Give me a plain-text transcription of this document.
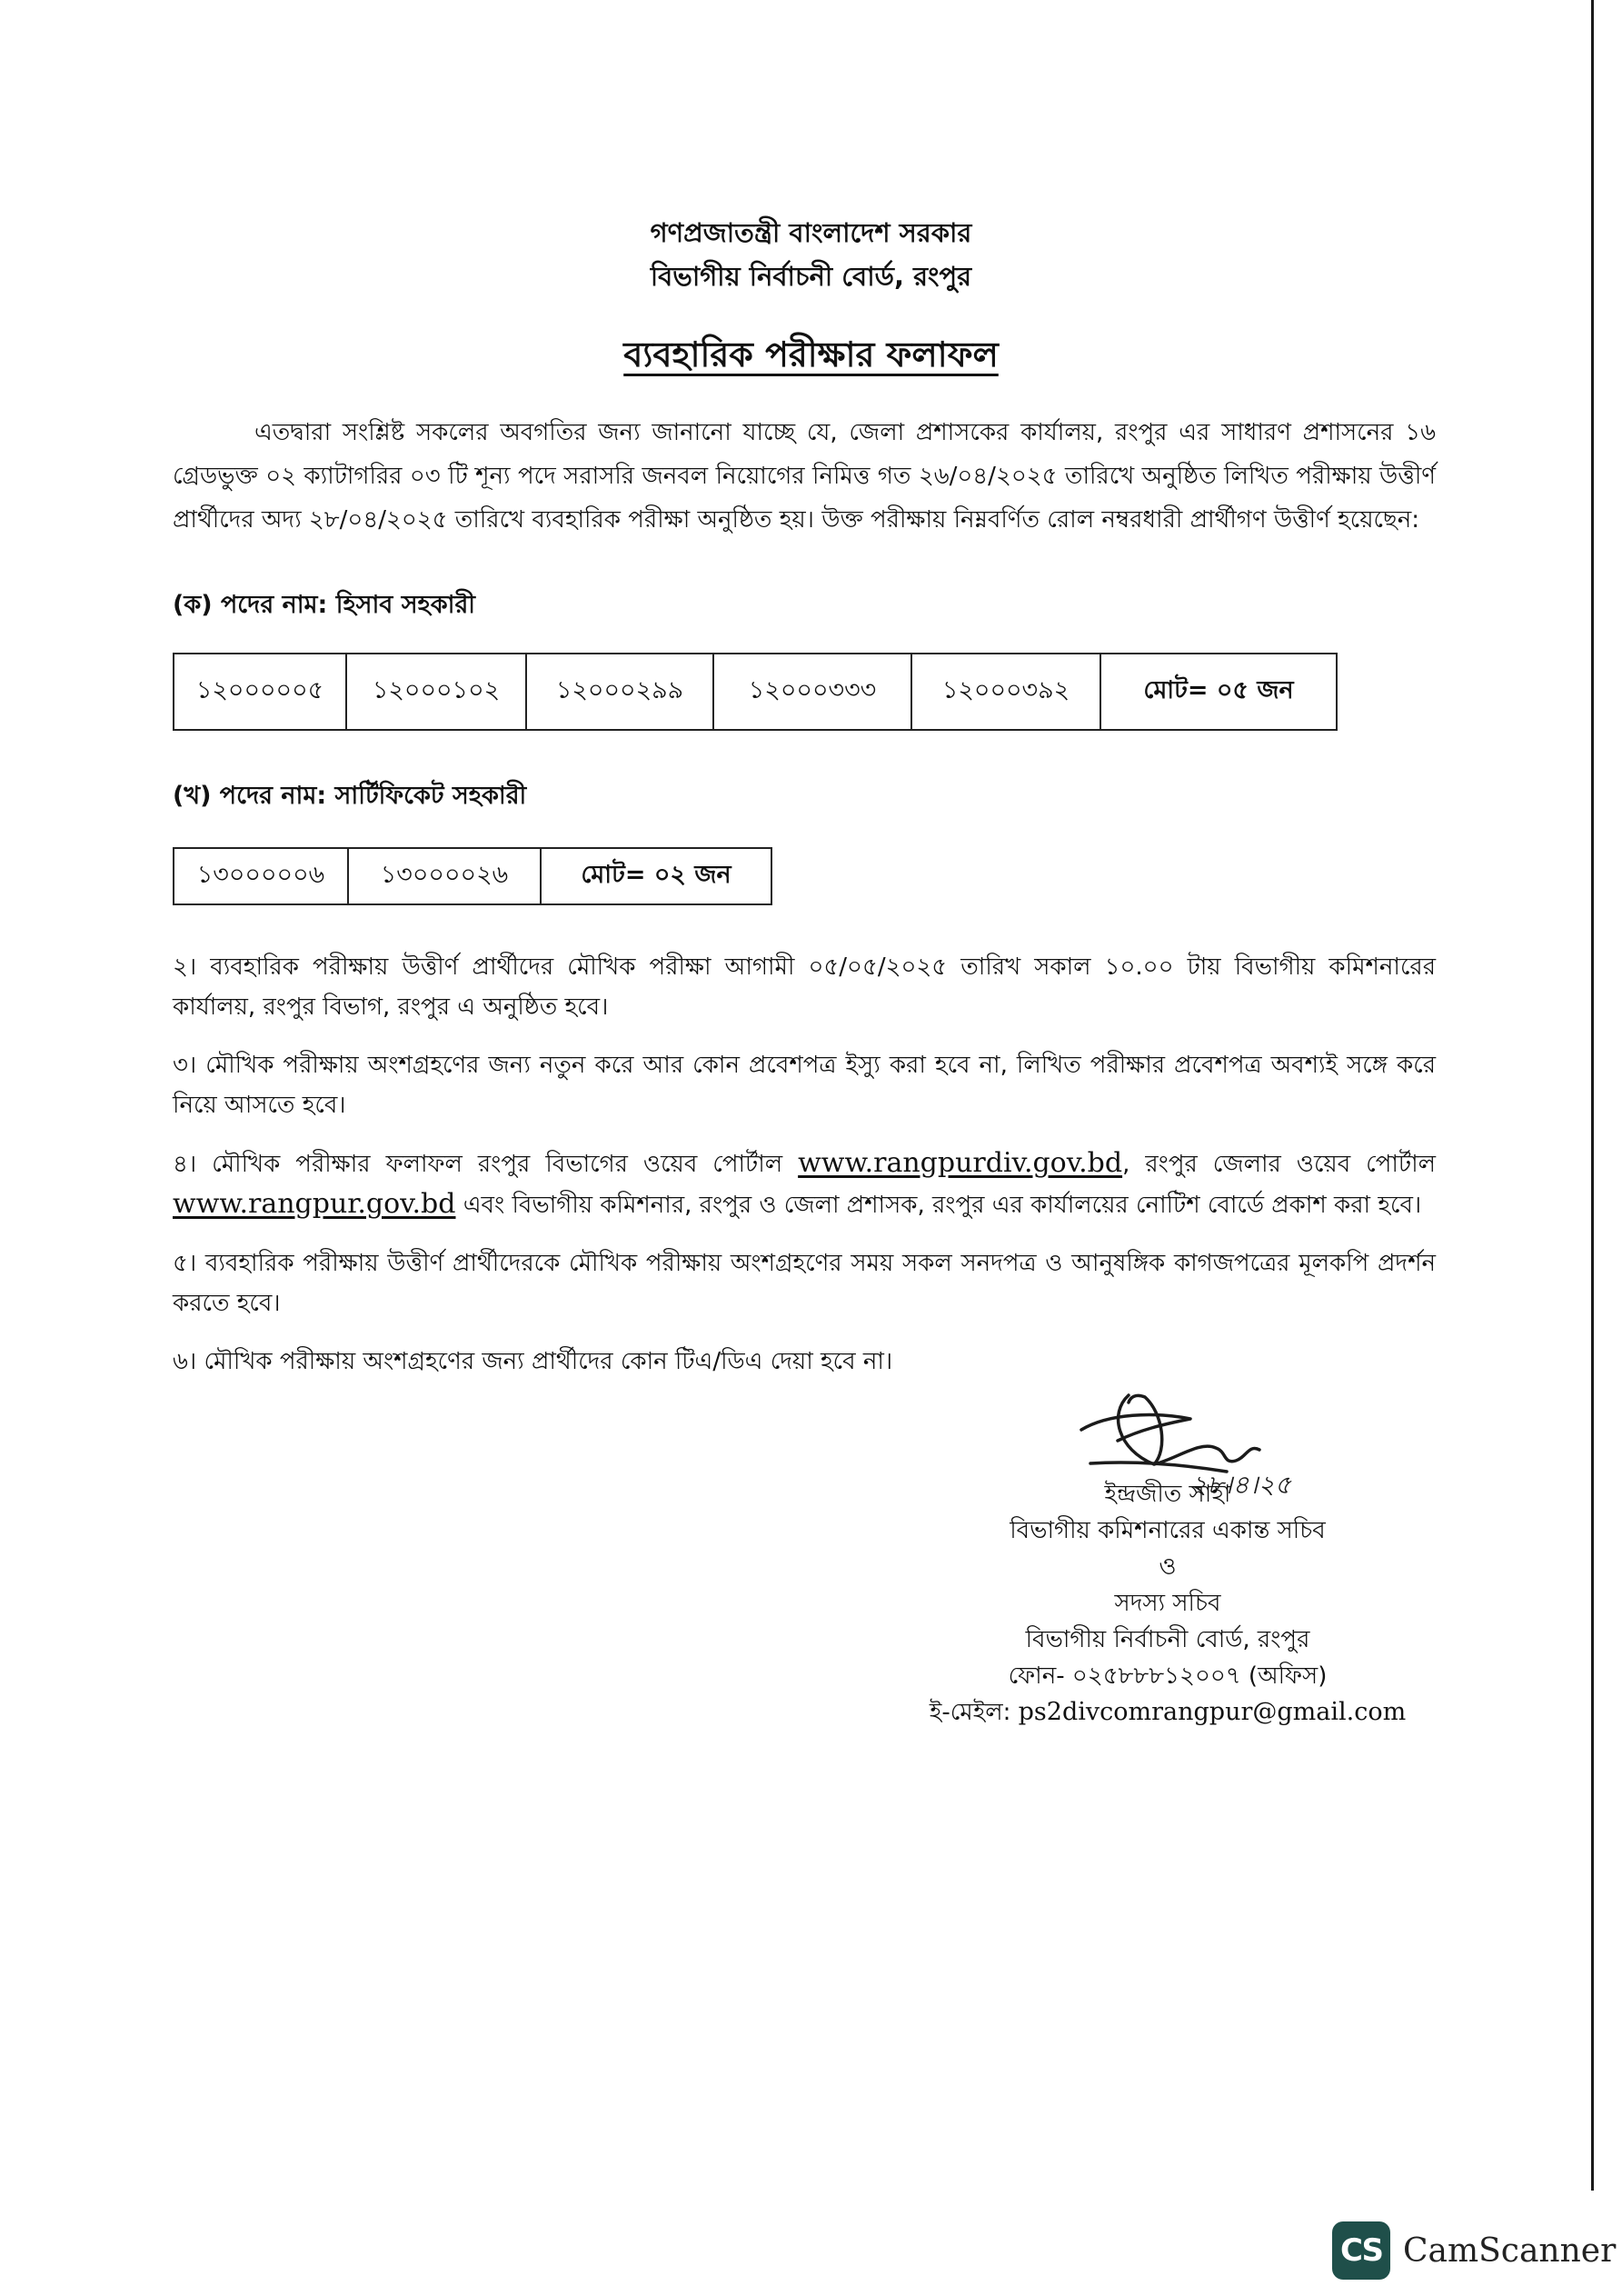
গণপ্রজাতন্ত্রী বাংলাদেশ সরকার
বিভাগীয় নির্বাচনী বোর্ড, রংপুর
ব্যবহারিক পরীক্ষার ফলাফল
এতদ্বারা সংশ্লিষ্ট সকলের অবগতির জন্য জানানো যাচ্ছে যে, জেলা প্রশাসকের কার্যালয়, রংপুর এর সাধারণ প্রশাসনের ১৬ গ্রেডভুক্ত ০২ ক্যাটাগরির ০৩ টি শূন্য পদে সরাসরি জনবল নিয়োগের নিমিত্ত গত ২৬/০৪/২০২৫ তারিখে অনুষ্ঠিত লিখিত পরীক্ষায় উত্তীর্ণ প্রার্থীদের অদ্য ২৮/০৪/২০২৫ তারিখে ব্যবহারিক পরীক্ষা অনুষ্ঠিত হয়। উক্ত পরীক্ষায় নিম্নবর্ণিত রোল নম্বরধারী প্রার্থীগণ উত্তীর্ণ হয়েছেন:
(ক) পদের নাম: হিসাব সহকারী
১২০০০০০৫	১২০০০১০২	১২০০০২৯৯	১২০০০৩৩৩	১২০০০৩৯২	মোট= ০৫ জন
(খ) পদের নাম: সার্টিফিকেট সহকারী
১৩০০০০০৬	১৩০০০০২৬	মোট= ০২ জন

২। ব্যবহারিক পরীক্ষায় উত্তীর্ণ প্রার্থীদের মৌখিক পরীক্ষা আগামী ০৫/০৫/২০২৫ তারিখ সকাল ১০.০০ টায় বিভাগীয় কমিশনারের কার্যালয়, রংপুর বিভাগ, রংপুর এ অনুষ্ঠিত হবে।

৩। মৌখিক পরীক্ষায় অংশগ্রহণের জন্য নতুন করে আর কোন প্রবেশপত্র ইস্যু করা হবে না, লিখিত পরীক্ষার প্রবেশপত্র অবশ্যই সঙ্গে করে নিয়ে আসতে হবে।

৪। মৌখিক পরীক্ষার ফলাফল রংপুর বিভাগের ওয়েব পোর্টাল www.rangpurdiv.gov.bd, রংপুর জেলার ওয়েব পোর্টাল www.rangpur.gov.bd এবং বিভাগীয় কমিশনার, রংপুর ও জেলা প্রশাসক, রংপুর এর কার্যালয়ের নোটিশ বোর্ডে প্রকাশ করা হবে।

৫। ব্যবহারিক পরীক্ষায় উত্তীর্ণ প্রার্থীদেরকে মৌখিক পরীক্ষায় অংশগ্রহণের সময় সকল সনদপত্র ও আনুষঙ্গিক কাগজপত্রের মূলকপি প্রদর্শন করতে হবে।

৬। মৌখিক পরীক্ষায় অংশগ্রহণের জন্য প্রার্থীদের কোন টিএ/ডিএ দেয়া হবে না।

২৮।৪।২৫
ইন্দ্রজীত সাহা
বিভাগীয় কমিশনারের একান্ত সচিব
ও
সদস্য সচিব
বিভাগীয় নির্বাচনী বোর্ড, রংপুর
ফোন- ০২৫৮৮৮১২০০৭ (অফিস)
ই-মেইল: ps2divcomrangpur@gmail.com
CS CamScanner
